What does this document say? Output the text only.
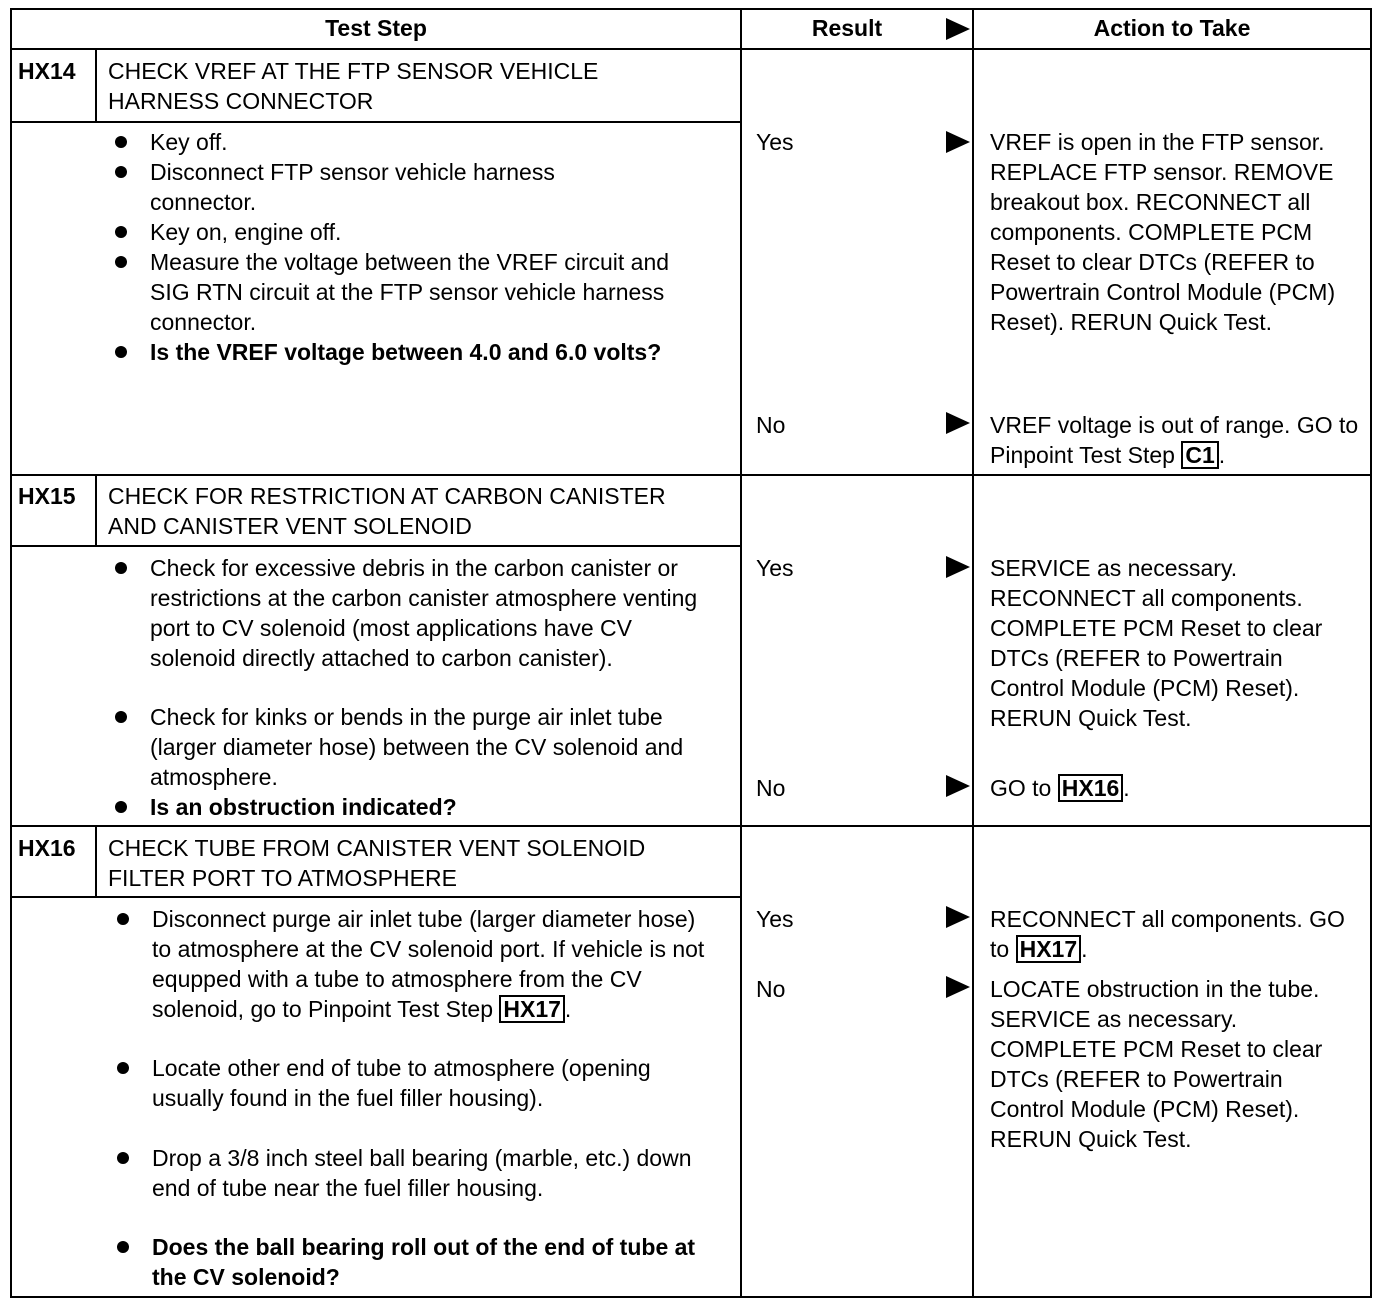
Test Step	Result	Action to Take
HX14 CHECK VREF AT THE FTP SENSOR VEHICLE HARNESS CONNECTOR
Key off.
Disconnect FTP sensor vehicle harness connector.
Key on, engine off.
Measure the voltage between the VREF circuit and SIG RTN circuit at the FTP sensor vehicle harness connector.
Is the VREF voltage between 4.0 and 6.0 volts?
Yes	VREF is open in the FTP sensor. REPLACE FTP sensor. REMOVE breakout box. RECONNECT all components. COMPLETE PCM Reset to clear DTCs (REFER to Powertrain Control Module (PCM) Reset). RERUN Quick Test.
No	VREF voltage is out of range. GO to Pinpoint Test Step C1 .
HX15 CHECK FOR RESTRICTION AT CARBON CANISTER AND CANISTER VENT SOLENOID
Check for excessive debris in the carbon canister or restrictions at the carbon canister atmosphere venting port to CV solenoid (most applications have CV solenoid directly attached to carbon canister).
Check for kinks or bends in the purge air inlet tube (larger diameter hose) between the CV solenoid and atmosphere.
Is an obstruction indicated?
Yes	SERVICE as necessary. RECONNECT all components. COMPLETE PCM Reset to clear DTCs (REFER to Powertrain Control Module (PCM) Reset). RERUN Quick Test.
No	GO to HX16 .
HX16 CHECK TUBE FROM CANISTER VENT SOLENOID FILTER PORT TO ATMOSPHERE
Disconnect purge air inlet tube (larger diameter hose) to atmosphere at the CV solenoid port. If vehicle is not equpped with a tube to atmosphere from the CV solenoid, go to Pinpoint Test Step HX17 .
Locate other end of tube to atmosphere (opening usually found in the fuel filler housing).
Drop a 3/8 inch steel ball bearing (marble, etc.) down end of tube near the fuel filler housing.
Does the ball bearing roll out of the end of tube at the CV solenoid?
Yes	RECONNECT all components. GO to HX17 .
No	LOCATE obstruction in the tube. SERVICE as necessary. COMPLETE PCM Reset to clear DTCs (REFER to Powertrain Control Module (PCM) Reset). RERUN Quick Test.
